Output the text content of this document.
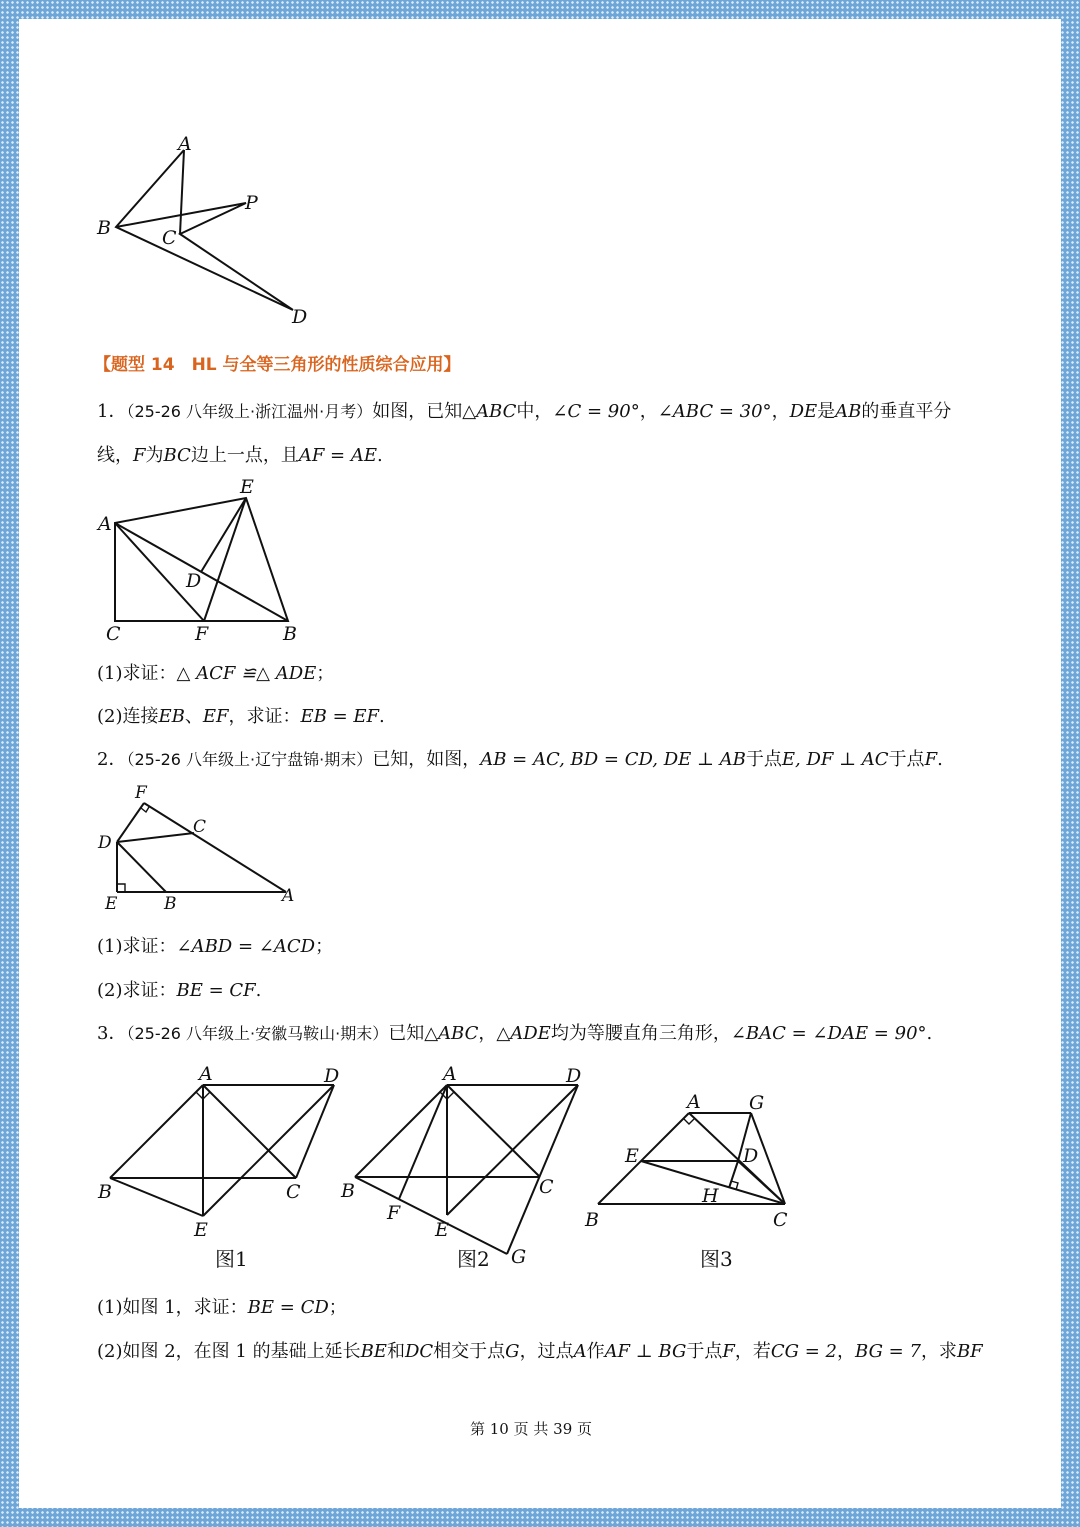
A
B	C
P
D
【题型 14　HL 与全等三角形的性质综合应用】
1．（25-26 八年级上·浙江温州·月考）如图，已知△ABC中，∠C = 90°，∠ABC = 30°，DE是AB的垂直平分
线，F为BC边上一点，且AF = AE.
A
E
D
C	F	B
(1)求证：△ ACF ≌△ ADE；
(2)连接EB、EF，求证：EB = EF.
2．（25-26 八年级上·辽宁盘锦·期末）已知，如图，AB = AC, BD = CD, DE ⊥ AB于点E, DF ⊥ AC于点F.
F
C
D
E	B	A
(1)求证：∠ABD = ∠ACD；
(2)求证：BE = CF.
3．（25-26 八年级上·安徽马鞍山·期末）已知△ABC，△ADE均为等腰直角三角形，∠BAC = ∠DAE = 90°.
A	D
B	C
E
图1
A	D
B	C
F
E
G
图2
A	G
E	D
H
B	C
图3
(1)如图 1，求证：BE = CD；
(2)如图 2，在图 1 的基础上延长BE和DC相交于点G，过点A作AF ⊥ BG于点F，若CG = 2，BG = 7，求BF
第 10 页 共 39 页
